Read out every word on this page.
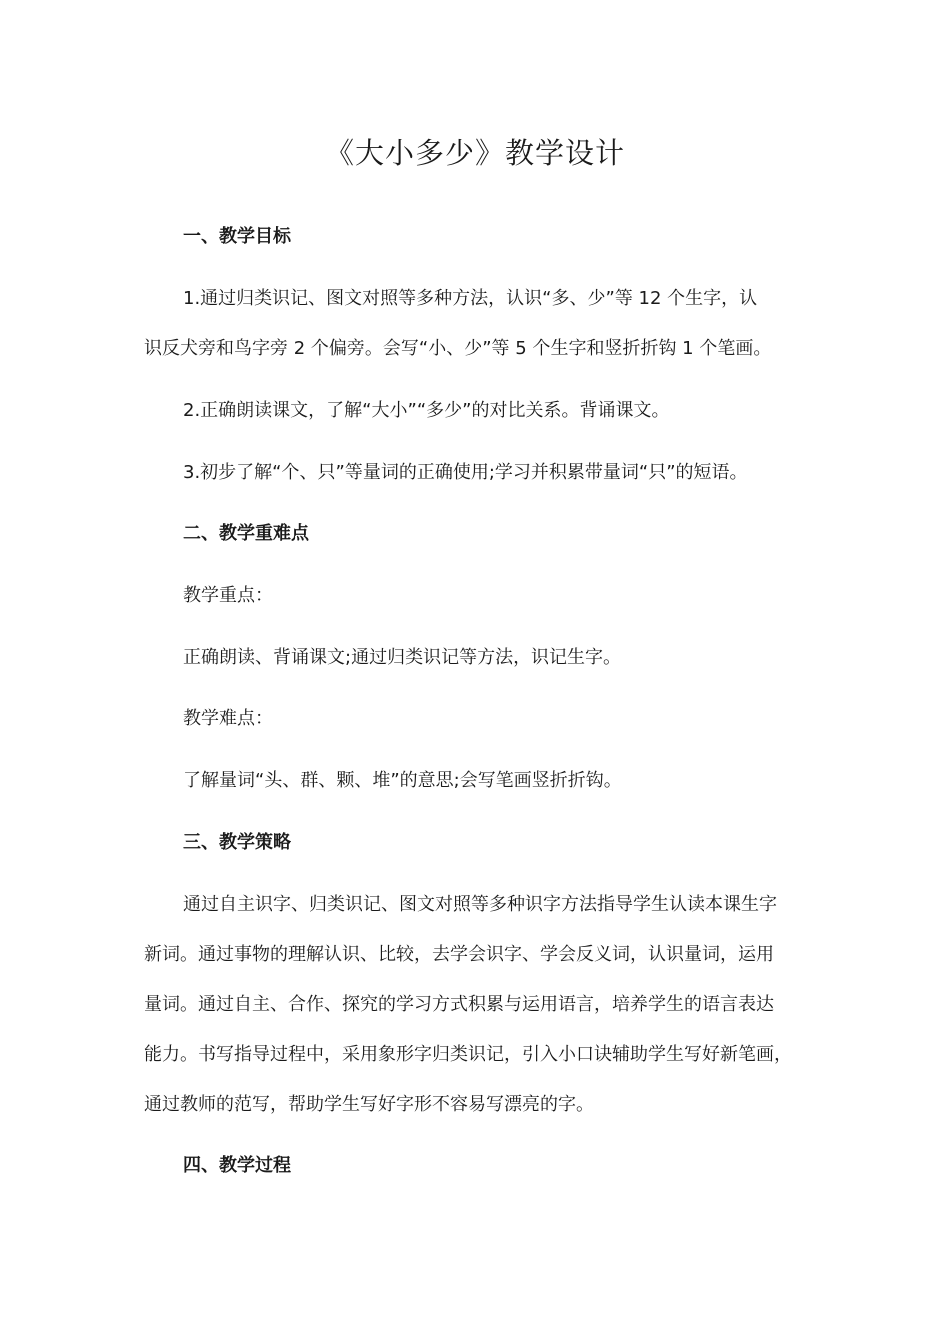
《大小多少》教学设计
一、教学目标

1.通过归类识记、图文对照等多种方法，认识“多、少”等 12 个生字，认

识反犬旁和鸟字旁 2 个偏旁。会写“小、少”等 5 个生字和竖折折钩 1 个笔画。

2.正确朗读课文，了解“大小”“多少”的对比关系。背诵课文。

3.初步了解“个、只”等量词的正确使用;学习并积累带量词“只”的短语。

二、教学重难点

教学重点：

正确朗读、背诵课文;通过归类识记等方法，识记生字。

教学难点：

了解量词“头、群、颗、堆”的意思;会写笔画竖折折钩。

三、教学策略

通过自主识字、归类识记、图文对照等多种识字方法指导学生认读本课生字

新词。通过事物的理解认识、比较，去学会识字、学会反义词，认识量词，运用

量词。通过自主、合作、探究的学习方式积累与运用语言，培养学生的语言表达

能力。书写指导过程中，采用象形字归类识记，引入小口诀辅助学生写好新笔画，

通过教师的范写，帮助学生写好字形不容易写漂亮的字。

四、教学过程
